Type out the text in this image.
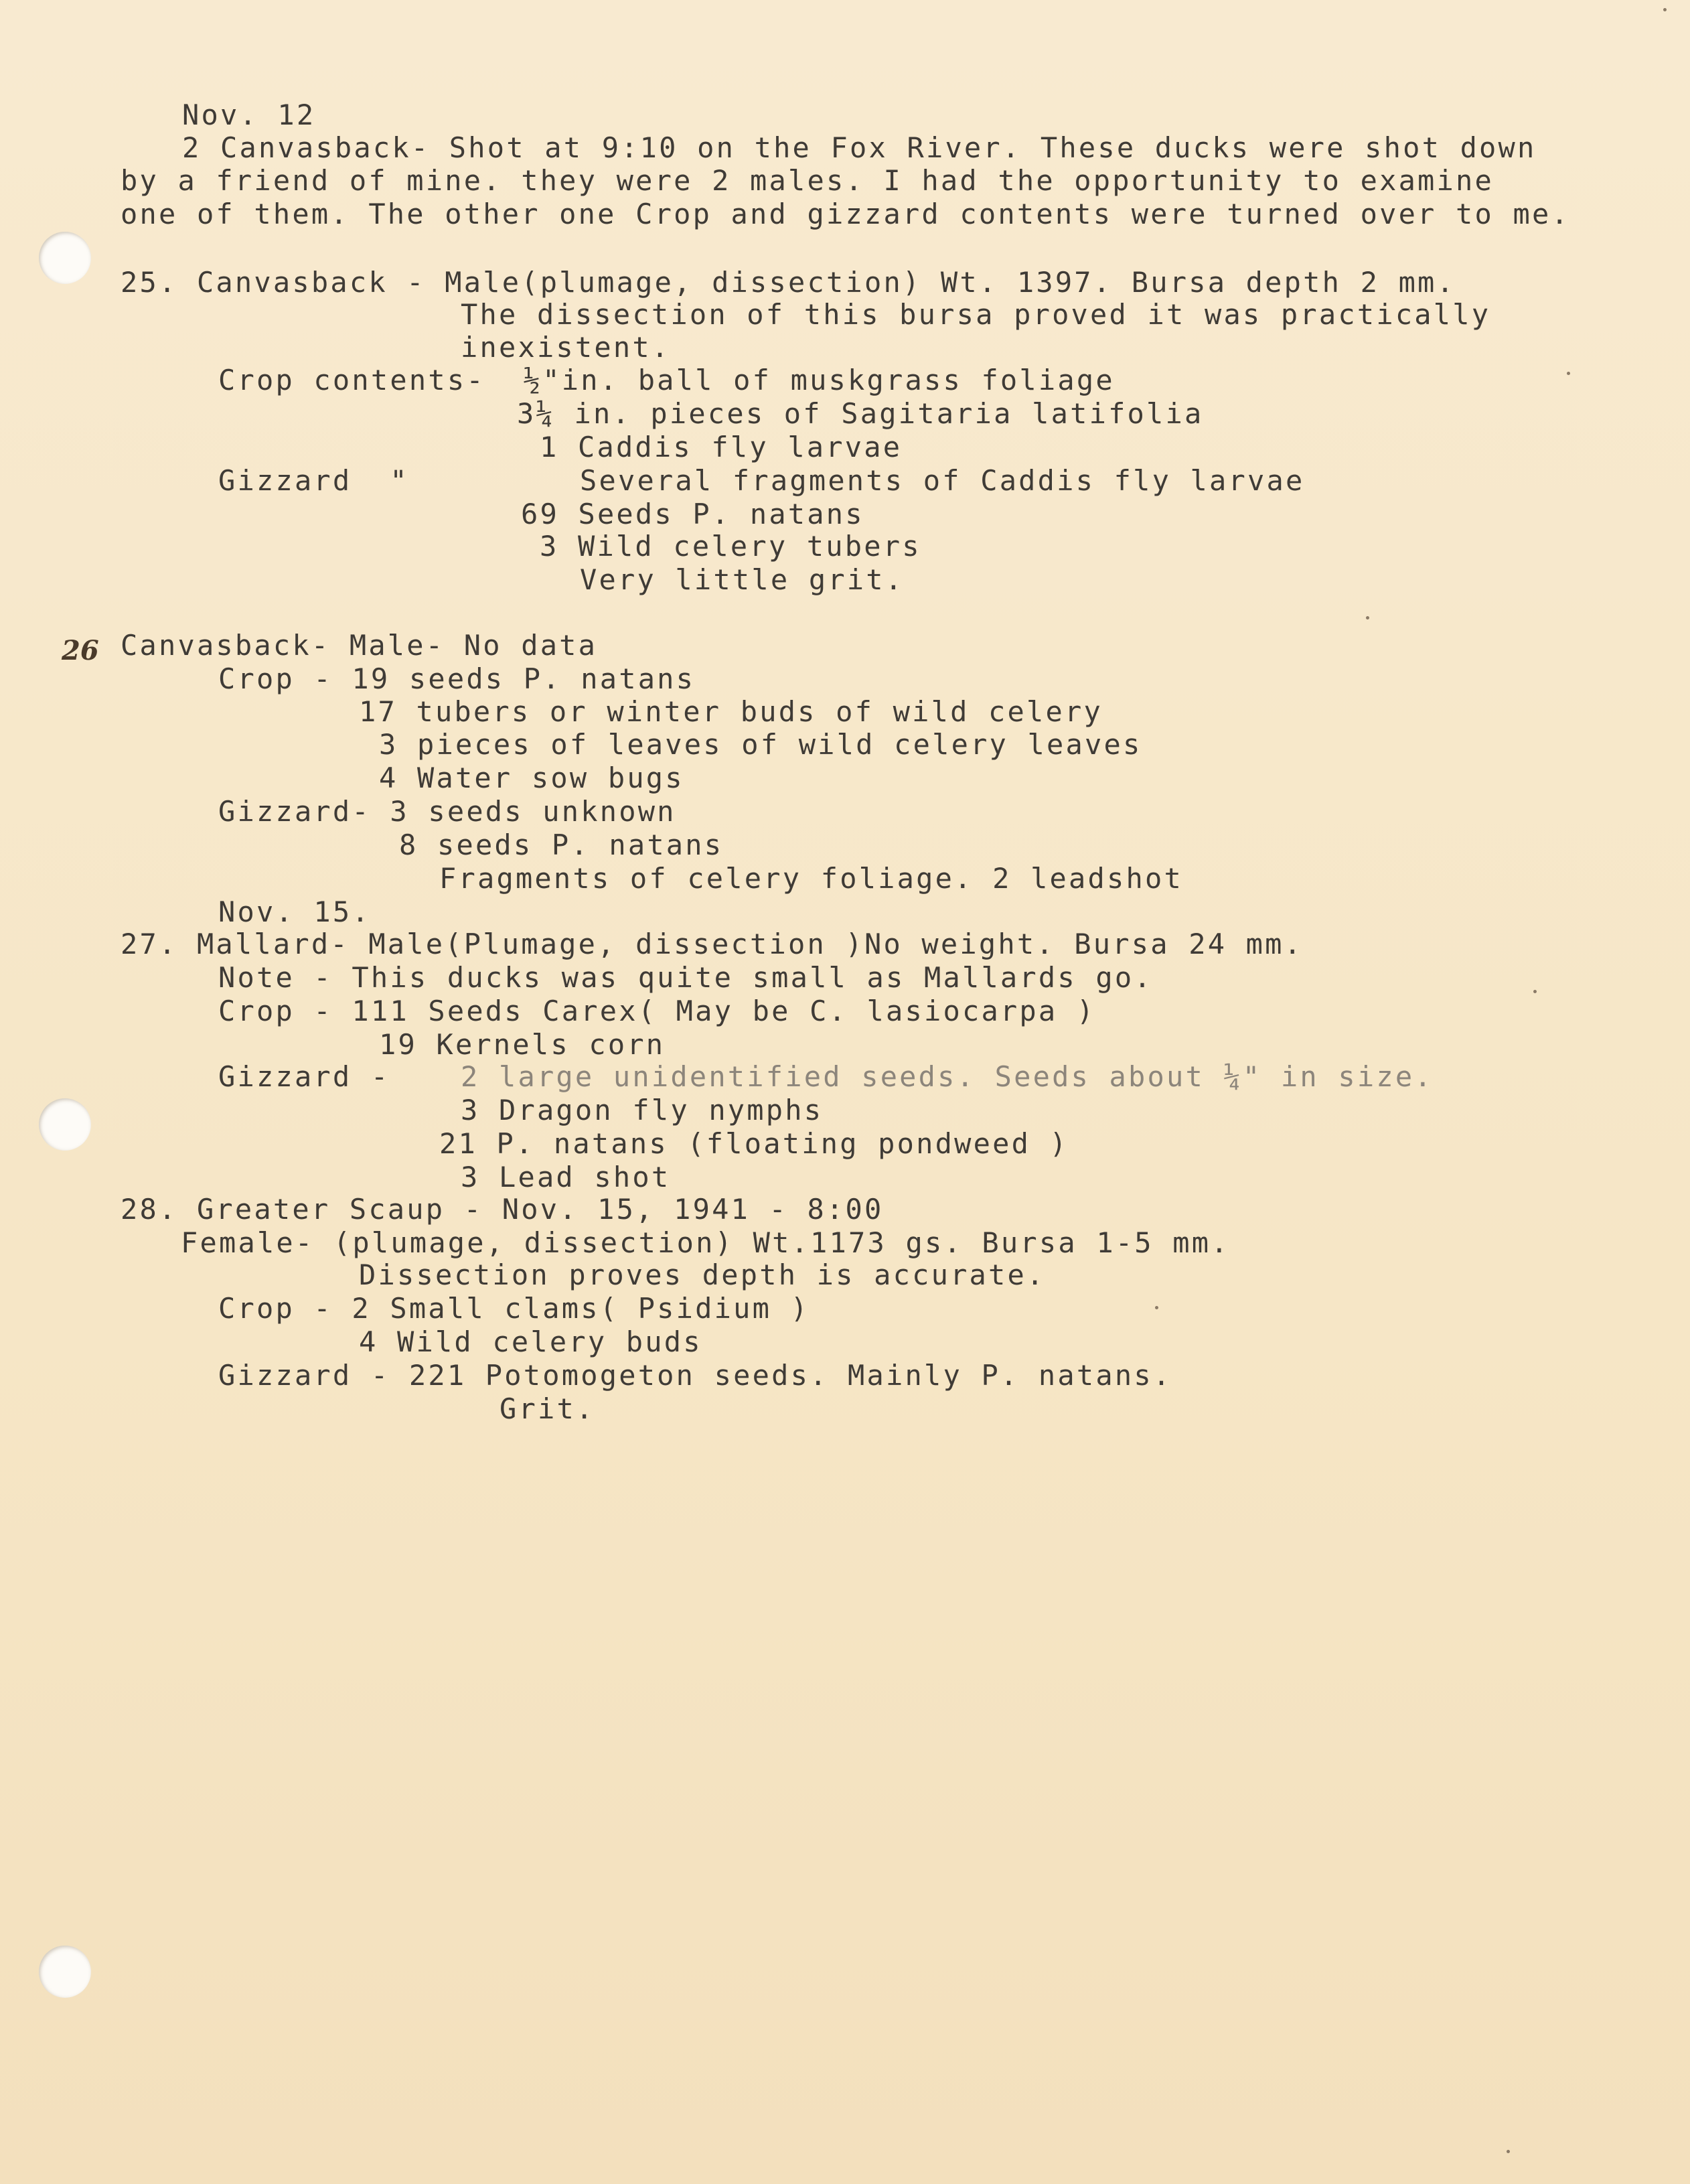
26

Nov. 12

2 Canvasback- Shot at 9:10 on the Fox River. These ducks were shot down

by a friend of mine. they were 2 males. I had the opportunity to examine

one of them. The other one Crop and gizzard contents were turned over to me.

25. Canvasback - Male(plumage, dissection) Wt. 1397. Bursa depth 2 mm.

The dissection of this bursa proved it was practically

inexistent.

Crop contents-  ½"in. ball of muskgrass foliage

3¼ in. pieces of Sagitaria latifolia

1 Caddis fly larvae

Gizzard  "	Several fragments of Caddis fly larvae

69 Seeds P. natans

3 Wild celery tubers

Very little grit.

Canvasback- Male- No data

Crop - 19 seeds P. natans

17 tubers or winter buds of wild celery

3 pieces of leaves of wild celery leaves

4 Water sow bugs

Gizzard- 3 seeds unknown

8 seeds P. natans

Fragments of celery foliage. 2 leadshot

Nov. 15.

27. Mallard- Male(Plumage, dissection )No weight. Bursa 24 mm.

Note - This ducks was quite small as Mallards go.

Crop - 111 Seeds Carex( May be C. lasiocarpa )

19 Kernels corn

Gizzard -	2 large unidentified seeds. Seeds about ¼" in size.

3 Dragon fly nymphs

21 P. natans (floating pondweed )

3 Lead shot

28. Greater Scaup - Nov. 15, 1941 - 8:00

Female- (plumage, dissection) Wt.1173 gs. Bursa 1-5 mm.

Dissection proves depth is accurate.

Crop - 2 Small clams( Psidium )

4 Wild celery buds

Gizzard - 221 Potomogeton seeds. Mainly P. natans.

Grit.
